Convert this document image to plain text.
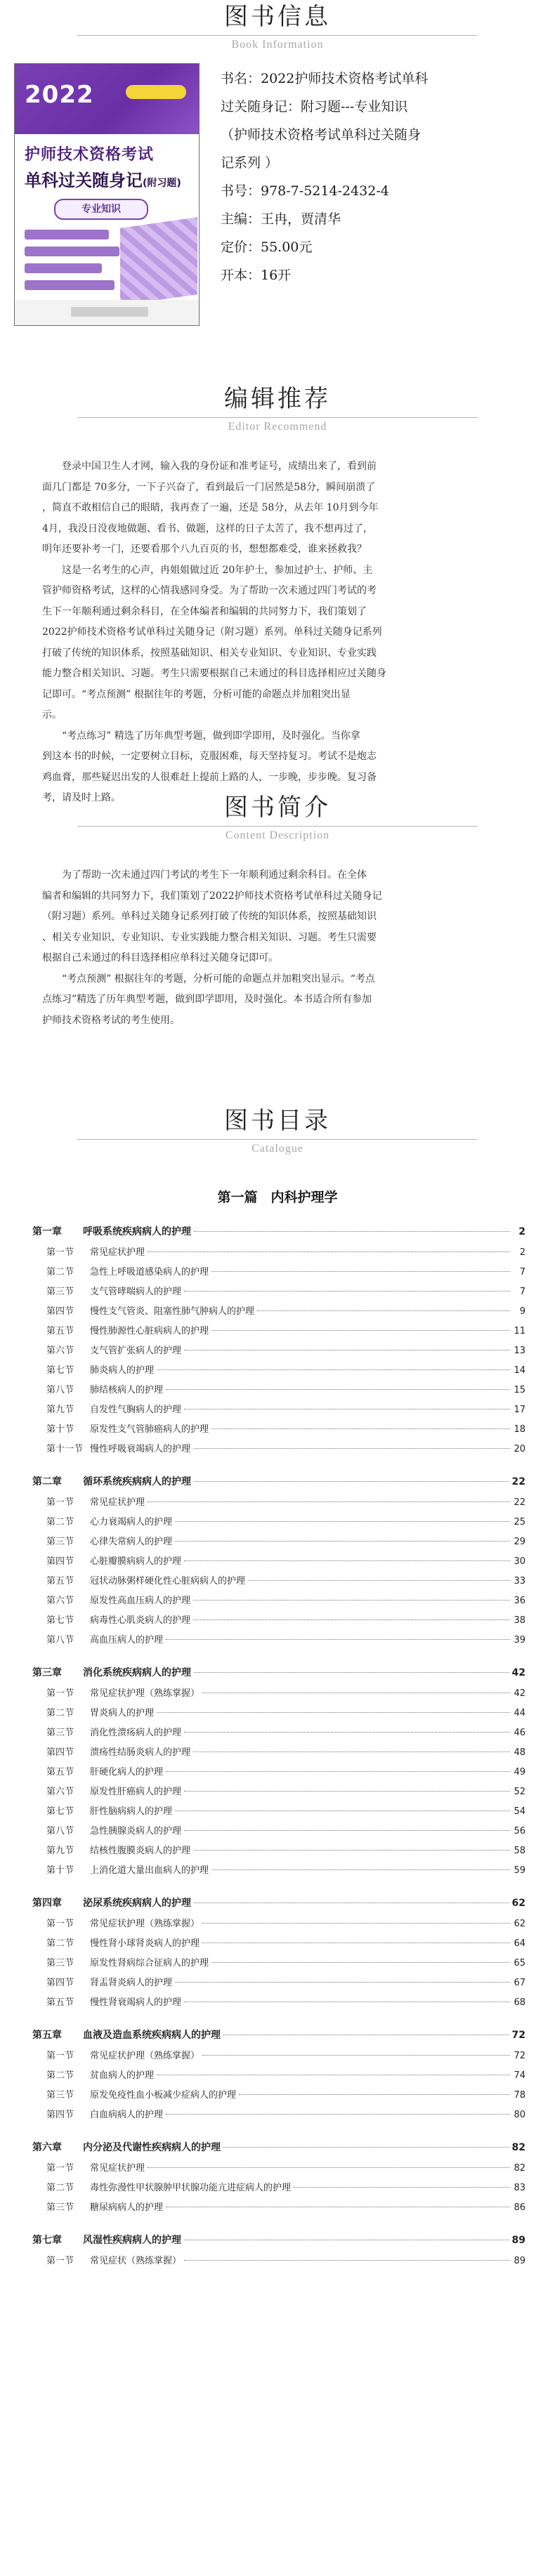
图书信息
Book Information
2022
护师技术资格考试
单科过关随身记(附习题)
专业知识

书名：2022护师技术资格考试单科

过关随身记：附习题---专业知识

（护师技术资格考试单科过关随身

记系列 ）

书号：978-7-5214-2432-4

主编：王冉，贾清华

定价：55.00元

开本：16开

编辑推荐
Editor Recommend
登录中国卫生人才网，输入我的身份证和准考证号，成绩出来了，看到前
面几门都是 70多分，一下子兴奋了，看到最后一门居然是58分，瞬间崩溃了
，简直不敢相信自己的眼睛，我再查了一遍，还是 58分，从去年 10月到今年
4月，我没日没夜地做题、看书、做题，这样的日子太苦了，我不想再过了，
明年还要补考一门，还要看那个八九百页的书，想想都难受，谁来拯救我？
这是一名考生的心声，冉姐姐做过近 20年护士，参加过护士、护师、主
管护师资格考试，这样的心情我感同身受。为了帮助一次未通过四门考试的考
生下一年顺利通过剩余科目，在全体编者和编辑的共同努力下，我们策划了
2022护师技术资格考试单科过关随身记（附习题）系列。单科过关随身记系列
打破了传统的知识体系，按照基础知识、相关专业知识、专业知识、专业实践
能力整合相关知识、习题。考生只需要根据自己未通过的科目选择相应过关随身
记即可。“考点预测” 根据往年的考题，分析可能的命题点并加粗突出显
示。
“考点练习” 精选了历年典型考题，做到即学即用，及时强化。当你拿
到这本书的时候，一定要树立目标，克服困难，每天坚持复习。考试不是炮志
鸡血膏，那些疑迟出发的人很难赶上提前上路的人，一步晚，步步晚。复习备
考，请及时上路。	图书简介
Content Description
为了帮助一次未通过四门考试的考生下一年顺利通过剩余科目。在全体
编者和编辑的共同努力下，我们策划了2022护师技术资格考试单科过关随身记
（附习题）系列。单科过关随身记系列打破了传统的知识体系，按照基础知识
、相关专业知识、专业知识、专业实践能力整合相关知识、习题。考生只需要
根据自己未通过的科目选择相应单科过关随身记即可。
“考点预测” 根据往年的考题，分析可能的命题点并加粗突出显示。“考点
点练习”精选了历年典型考题，做到即学即用，及时强化。本书适合所有参加
护师技术资格考试的考生使用。
图书目录
Catalogue
第一篇　内科护理学
第一章	呼吸系统疾病病人的护理	2
第一节	常见症状护理	2
第二节	急性上呼吸道感染病人的护理	7
第三节	支气管哮喘病人的护理	7
第四节	慢性支气管炎、阻塞性肺气肿病人的护理	9
第五节	慢性肺源性心脏病病人的护理	11
第六节	支气管扩张病人的护理	13
第七节	肺炎病人的护理	14
第八节	肺结核病人的护理	15
第九节	自发性气胸病人的护理	17
第十节	原发性支气管肺癌病人的护理	18
第十一节 慢性呼吸衰竭病人的护理	20
第二章	循环系统疾病病人的护理	22
第一节	常见症状护理	22
第二节	心力衰竭病人的护理	25
第三节	心律失常病人的护理	29
第四节	心脏瓣膜病病人的护理	30
第五节	冠状动脉粥样硬化性心脏病病人的护理	33
第六节	原发性高血压病人的护理	36
第七节	病毒性心肌炎病人的护理	38
第八节	高血压病人的护理	39
第三章	消化系统疾病病人的护理	42
第一节	常见症状护理（熟练掌握）	42
第二节	胃炎病人的护理	44
第三节	消化性溃疡病人的护理	46
第四节	溃疡性结肠炎病人的护理	48
第五节	肝硬化病人的护理	49
第六节	原发性肝癌病人的护理	52
第七节	肝性脑病病人的护理	54
第八节	急性胰腺炎病人的护理	56
第九节	结核性腹膜炎病人的护理	58
第十节	上消化道大量出血病人的护理	59
第四章	泌尿系统疾病病人的护理	62
第一节	常见症状护理（熟练掌握）	62
第二节	慢性肾小球肾炎病人的护理	64
第三节	原发性肾病综合征病人的护理	65
第四节	肾盂肾炎病人的护理	67
第五节	慢性肾衰竭病人的护理	68
第五章	血液及造血系统疾病病人的护理	72
第一节	常见症状护理（熟练掌握）	72
第二节	贫血病人的护理	74
第三节	原发免疫性血小板减少症病人的护理	78
第四节	白血病病人的护理	80
第六章	内分泌及代谢性疾病病人的护理	82
第一节	常见症状护理	82
第二节	毒性弥漫性甲状腺肿甲状腺功能亢进症病人的护理	83
第三节	糖尿病病人的护理	86
第七章	风湿性疾病病人的护理	89
第一节	常见症状（熟练掌握）	89
